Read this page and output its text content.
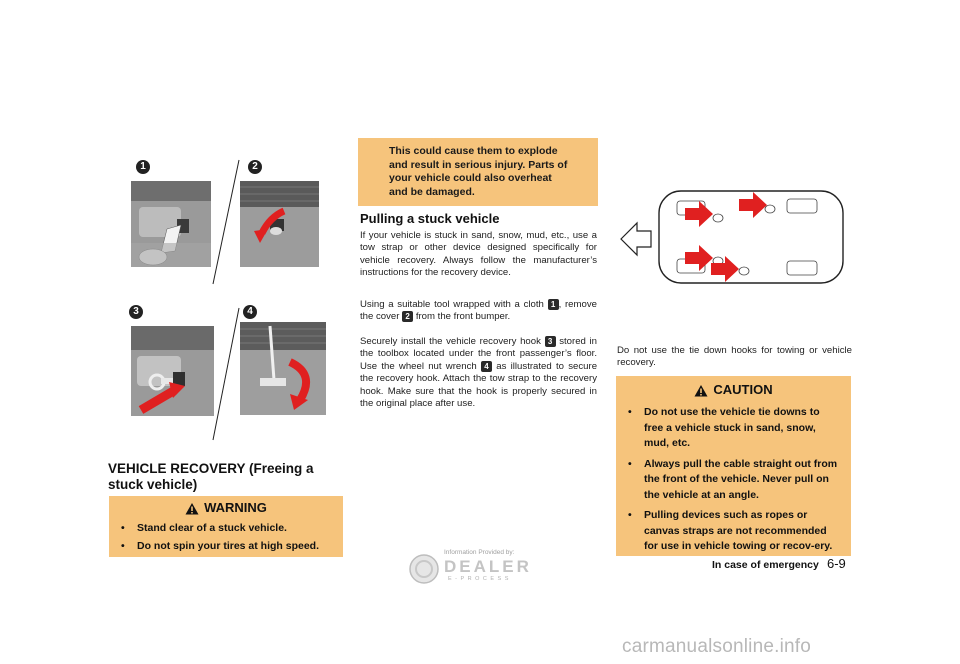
1	2
3	4
VEHICLE RECOVERY (Freeing a
stuck vehicle)
WARNING
• Stand clear of a stuck vehicle.
• Do not spin your tires at high speed.
This could cause them to explode
and result in serious injury. Parts of
your vehicle could also overheat
and be damaged.
Pulling a stuck vehicle
If your vehicle is stuck in sand, snow, mud, etc., use a tow strap or other device designed specifically for vehicle recovery. Always follow the manufacturer’s instructions for the recovery device.
Using a suitable tool wrapped with a cloth 1 , remove the cover 2 from the front bumper.
Securely install the vehicle recovery hook 3 stored in the toolbox located under the front passenger’s floor. Use the wheel nut wrench 4 as illustrated to secure the recovery hook. Attach the tow strap to the recovery hook. Make sure that the hook is properly secured in the original place after use.
Do not use the tie down hooks for towing or vehicle recovery.
CAUTION
• Do not use the vehicle tie downs to free a vehicle stuck in sand, snow, mud, etc.
• Always pull the cable straight out from the front of the vehicle. Never pull on the vehicle at an angle.
• Pulling devices such as ropes or canvas straps are not recommended for use in vehicle towing or recov-ery.
In case of emergency 6-9
Information Provided by:
DEALER
E-PROCESS
carmanualsonline.info
